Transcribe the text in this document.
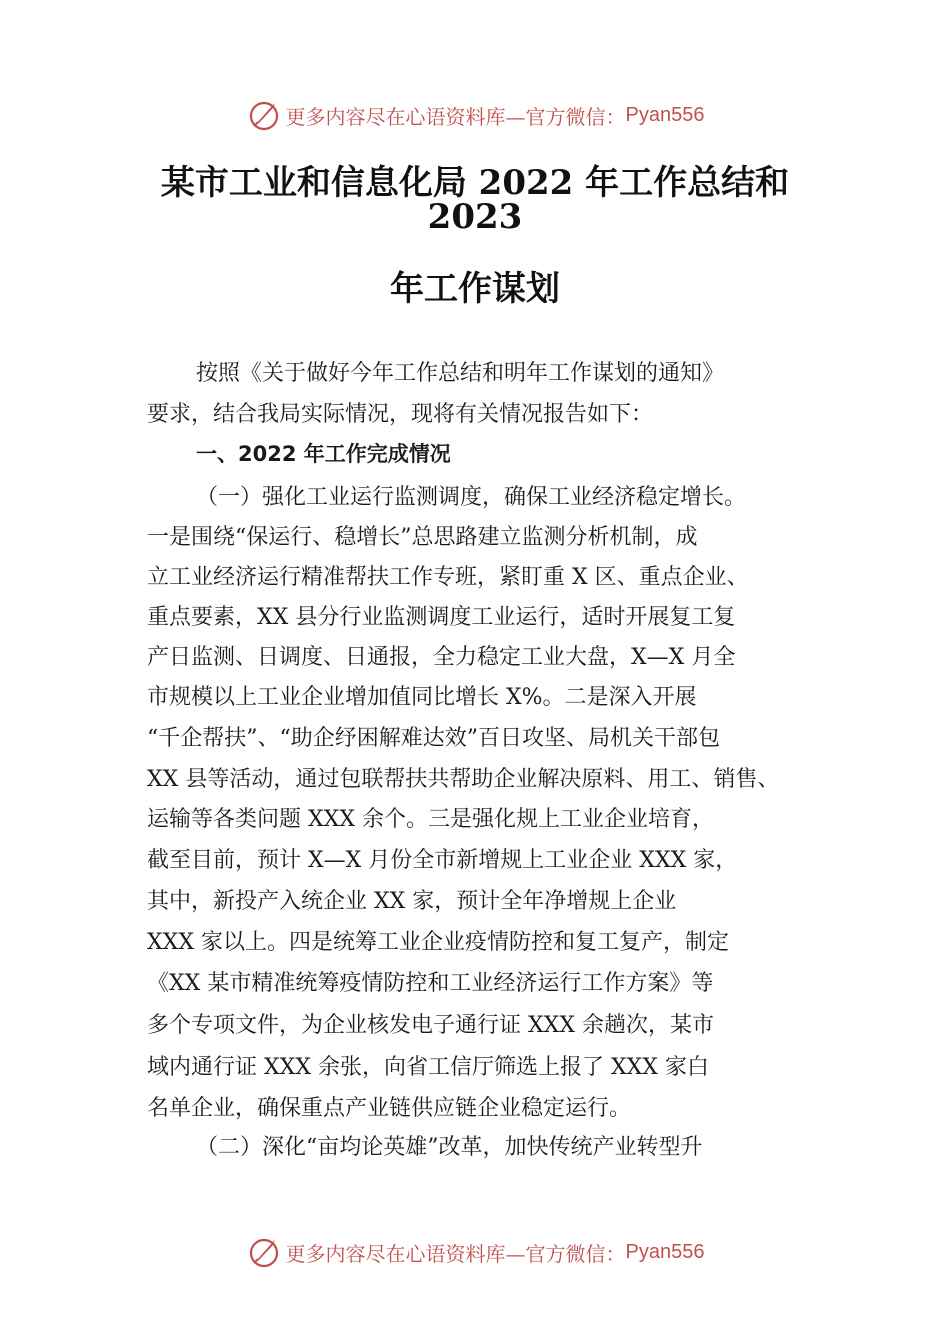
更多内容尽在心语资料库—官方微信： Pyan556
某市工业和信息化局 2022 年工作总结和
2023
年工作谋划
按照《关于做好今年工作总结和明年工作谋划的通知》
要求，结合我局实际情况，现将有关情况报告如下：
一、2022 年工作完成情况
（一）强化工业运行监测调度，确保工业经济稳定增长。
一是围绕“保运行、稳增长”总思路建立监测分析机制，成
立工业经济运行精准帮扶工作专班，紧盯重 X 区、重点企业、
重点要素，XX 县分行业监测调度工业运行，适时开展复工复
产日监测、日调度、日通报，全力稳定工业大盘，X—X 月全
市规模以上工业企业增加值同比增长 X%。二是深入开展
“千企帮扶”、“助企纾困解难达效”百日攻坚、局机关干部包
XX 县等活动，通过包联帮扶共帮助企业解决原料、用工、销售、
运输等各类问题 XXX 余个。三是强化规上工业企业培育，
截至目前，预计 X—X 月份全市新增规上工业企业 XXX 家，
其中，新投产入统企业 XX 家，预计全年净增规上企业
XXX 家以上。四是统筹工业企业疫情防控和复工复产，制定
《XX 某市精准统筹疫情防控和工业经济运行工作方案》等
多个专项文件，为企业核发电子通行证 XXX 余趟次，某市
域内通行证 XXX 余张，向省工信厅筛选上报了 XXX 家白
名单企业，确保重点产业链供应链企业稳定运行。
（二）深化“亩均论英雄”改革，加快传统产业转型升
更多内容尽在心语资料库—官方微信： Pyan556
